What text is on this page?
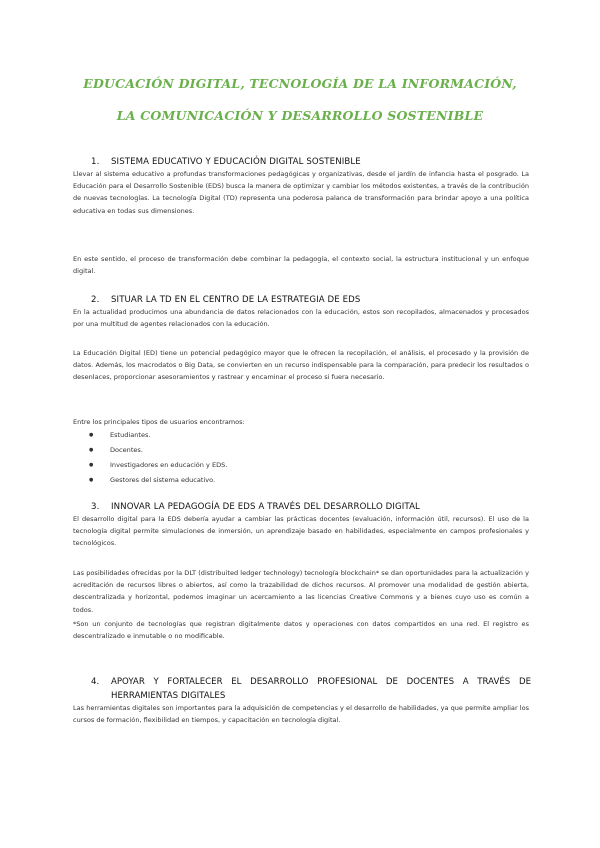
EDUCACIÓN DIGITAL, TECNOLOGÍA DE LA INFORMACIÓN,
LA COMUNICACIÓN Y DESARROLLO SOSTENIBLE
1. SISTEMA EDUCATIVO Y EDUCACIÓN DIGITAL SOSTENIBLE
Llevar al sistema educativo a profundas transformaciones pedagógicas y organizativas, desde el jardín de infancia hasta el posgrado. La Educación para el Desarrollo Sostenible (EDS) busca la manera de optimizar y cambiar los métodos existentes, a través de la contribución de nuevas tecnologías. La tecnología Digital (TD) representa una poderosa palanca de transformación para brindar apoyo a una política educativa en todas sus dimensiones.
En este sentido, el proceso de transformación debe combinar la pedagogía, el contexto social, la estructura institucional y un enfoque digital.
2. SITUAR LA TD EN EL CENTRO DE LA ESTRATEGIA DE EDS
En la actualidad producimos una abundancia de datos relacionados con la educación, estos son recopilados, almacenados y procesados por una multitud de agentes relacionados con la educación.
La Educación Digital (ED) tiene un potencial pedagógico mayor que le ofrecen la recopilación, el análisis, el procesado y la provisión de datos. Además, los macrodatos o Big Data, se convierten en un recurso indispensable para la comparación, para predecir los resultados o desenlaces, proporcionar asesoramientos y rastrear y encaminar el proceso si fuera necesario.
Entre los principales tipos de usuarios encontramos:
● Estudiantes.
● Docentes.
● Investigadores en educación y EDS.
● Gestores del sistema educativo.
3. INNOVAR LA PEDAGOGÍA DE EDS A TRAVÉS DEL DESARROLLO DIGITAL
El desarrollo digital para la EDS debería ayudar a cambiar las prácticas docentes (evaluación, información útil, recursos). El uso de la tecnología digital permite simulaciones de inmersión, un aprendizaje basado en habilidades, especialmente en campos profesionales y tecnológicos.
Las posibilidades ofrecidas por la DLT (distribuited ledger technology) tecnología blockchain* se dan oportunidades para la actualización y acreditación de recursos libres o abiertos, así como la trazabilidad de dichos recursos. Al promover una modalidad de gestión abierta, descentralizada y horizontal, podemos imaginar un acercamiento a las licencias Creative Commons y a bienes cuyo uso es común a todos.
*Son un conjunto de tecnologías que registran digitalmente datos y operaciones con datos compartidos en una red. El registro es descentralizado e inmutable o no modificable.
4.	APOYAR Y FORTALECER EL DESARROLLO PROFESIONAL DE DOCENTES A TRAVÉS DE HERRAMIENTAS DIGITALES
Las herramientas digitales son importantes para la adquisición de competencias y el desarrollo de habilidades, ya que permite ampliar los cursos de formación, flexibilidad en tiempos, y capacitación en tecnología digital.
